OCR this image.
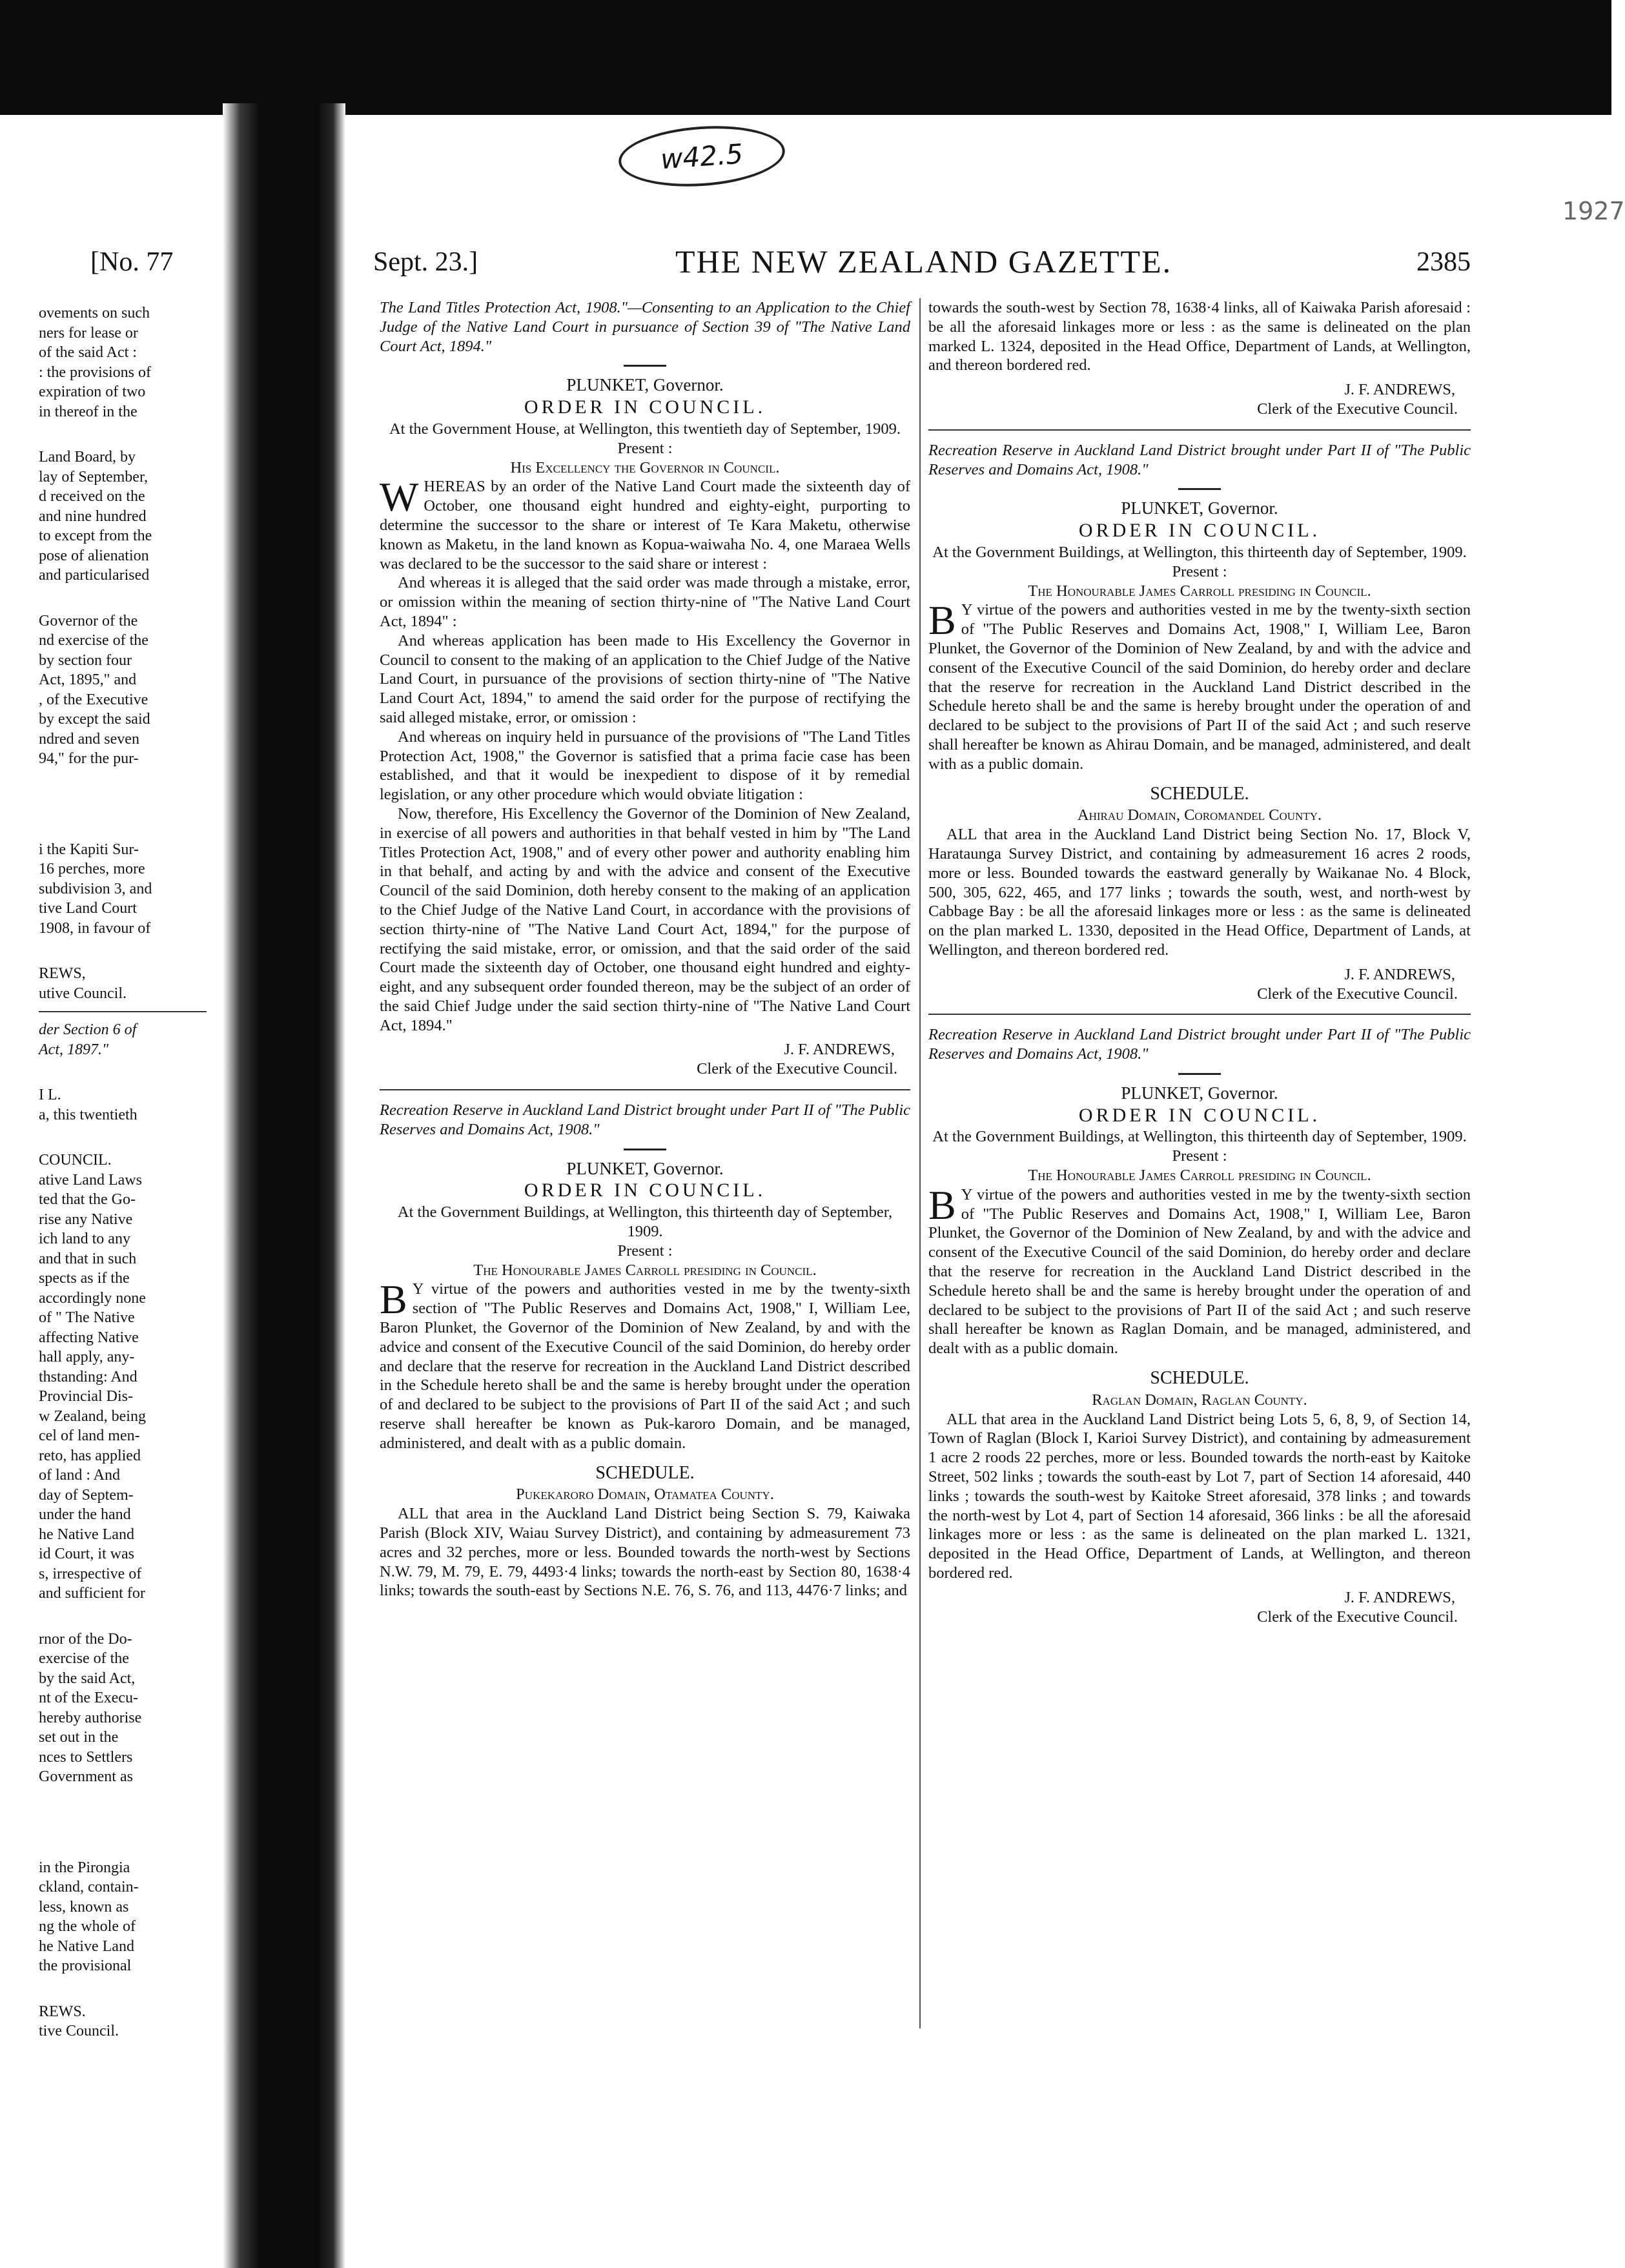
w42.5
1927
[No. 77	Sept. 23.]	THE NEW ZEALAND GAZETTE.	2385
ovements on such
ners for lease or
of the said Act :
: the provisions of
expiration of two
in thereof in the
Land Board, by
lay of September,
d received on the
and nine hundred
to except from the
pose of alienation
and particularised
Governor of the
nd exercise of the
by section four
Act, 1895," and
, of the Executive
by except the said
ndred and seven
94," for the pur-
i the Kapiti Sur-
16 perches, more
subdivision 3, and
tive Land Court
1908, in favour of
REWS,
utive Council.
der Section 6 of
Act, 1897."
I L.
a, this twentieth
COUNCIL.
ative Land Laws
ted that the Go-
rise any Native
ich land to any
and that in such
spects as if the
accordingly none
of " The Native
affecting Native
hall apply, any-
thstanding: And
Provincial Dis-
w Zealand, being
cel of land men-
reto, has applied
of land : And
day of Septem-
under the hand
he Native Land
id Court, it was
s, irrespective of
and sufficient for
rnor of the Do-
exercise of the
by the said Act,
nt of the Execu-
hereby authorise
set out in the
nces to Settlers
Government as
in the Pirongia
ckland, contain-
less, known as
ng the whole of
he Native Land
the provisional
REWS.
tive Council.

The Land Titles Protection Act, 1908."—Consenting to an Application to the Chief Judge of the Native Land Court in pursuance of Section 39 of "The Native Land Court Act, 1894."

PLUNKET, Governor.
ORDER IN COUNCIL.

At the Government House, at Wellington, this twentieth day of September, 1909.

Present :

His Excellency the Governor in Council.

WHEREAS by an order of the Native Land Court made the sixteenth day of October, one thousand eight hundred and eighty-eight, purporting to determine the successor to the share or interest of Te Kara Maketu, otherwise known as Maketu, in the land known as Kopua-waiwaha No. 4, one Maraea Wells was declared to be the successor to the said share or interest :

And whereas it is alleged that the said order was made through a mistake, error, or omission within the meaning of section thirty-nine of "The Native Land Court Act, 1894" :

And whereas application has been made to His Excellency the Governor in Council to consent to the making of an application to the Chief Judge of the Native Land Court, in pursuance of the provisions of section thirty-nine of "The Native Land Court Act, 1894," to amend the said order for the purpose of rectifying the said alleged mistake, error, or omission :

And whereas on inquiry held in pursuance of the provisions of "The Land Titles Protection Act, 1908," the Governor is satisfied that a prima facie case has been established, and that it would be inexpedient to dispose of it by remedial legislation, or any other procedure which would obviate litigation :

Now, therefore, His Excellency the Governor of the Dominion of New Zealand, in exercise of all powers and authorities in that behalf vested in him by "The Land Titles Protection Act, 1908," and of every other power and authority enabling him in that behalf, and acting by and with the advice and consent of the Executive Council of the said Dominion, doth hereby consent to the making of an application to the Chief Judge of the Native Land Court, in accordance with the provisions of section thirty-nine of "The Native Land Court Act, 1894," for the purpose of rectifying the said mistake, error, or omission, and that the said order of the said Court made the sixteenth day of October, one thousand eight hundred and eighty-eight, and any subsequent order founded thereon, may be the subject of an order of the said Chief Judge under the said section thirty-nine of "The Native Land Court Act, 1894."

J. F. ANDREWS,
Clerk of the Executive Council.

Recreation Reserve in Auckland Land District brought under Part II of "The Public Reserves and Domains Act, 1908."

PLUNKET, Governor.
ORDER IN COUNCIL.

At the Government Buildings, at Wellington, this thirteenth day of September, 1909.

Present :

The Honourable James Carroll presiding in Council.

BY virtue of the powers and authorities vested in me by the twenty-sixth section of "The Public Reserves and Domains Act, 1908," I, William Lee, Baron Plunket, the Governor of the Dominion of New Zealand, by and with the advice and consent of the Executive Council of the said Dominion, do hereby order and declare that the reserve for recreation in the Auckland Land District described in the Schedule hereto shall be and the same is hereby brought under the operation of and declared to be subject to the provisions of Part II of the said Act ; and such reserve shall hereafter be known as Puk-karoro Domain, and be managed, administered, and dealt with as a public domain.

SCHEDULE.

Pukekaroro Domain, Otamatea County.

ALL that area in the Auckland Land District being Section S. 79, Kaiwaka Parish (Block XIV, Waiau Survey District), and containing by admeasurement 73 acres and 32 perches, more or less. Bounded towards the north-west by Sections N.W. 79, M. 79, E. 79, 4493·4 links; towards the north-east by Section 80, 1638·4 links; towards the south-east by Sections N.E. 76, S. 76, and 113, 4476·7 links; and

towards the south-west by Section 78, 1638·4 links, all of Kaiwaka Parish aforesaid : be all the aforesaid linkages more or less : as the same is delineated on the plan marked L. 1324, deposited in the Head Office, Department of Lands, at Wellington, and thereon bordered red.

J. F. ANDREWS,
Clerk of the Executive Council.

Recreation Reserve in Auckland Land District brought under Part II of "The Public Reserves and Domains Act, 1908."

PLUNKET, Governor.
ORDER IN COUNCIL.

At the Government Buildings, at Wellington, this thirteenth day of September, 1909.

Present :

The Honourable James Carroll presiding in Council.

BY virtue of the powers and authorities vested in me by the twenty-sixth section of "The Public Reserves and Domains Act, 1908," I, William Lee, Baron Plunket, the Governor of the Dominion of New Zealand, by and with the advice and consent of the Executive Council of the said Dominion, do hereby order and declare that the reserve for recreation in the Auckland Land District described in the Schedule hereto shall be and the same is hereby brought under the operation of and declared to be subject to the provisions of Part II of the said Act ; and such reserve shall hereafter be known as Ahirau Domain, and be managed, administered, and dealt with as a public domain.

SCHEDULE.

Ahirau Domain, Coromandel County.

ALL that area in the Auckland Land District being Section No. 17, Block V, Harataunga Survey District, and containing by admeasurement 16 acres 2 roods, more or less. Bounded towards the eastward generally by Waikanae No. 4 Block, 500, 305, 622, 465, and 177 links ; towards the south, west, and north-west by Cabbage Bay : be all the aforesaid linkages more or less : as the same is delineated on the plan marked L. 1330, deposited in the Head Office, Department of Lands, at Wellington, and thereon bordered red.

J. F. ANDREWS,
Clerk of the Executive Council.

Recreation Reserve in Auckland Land District brought under Part II of "The Public Reserves and Domains Act, 1908."

PLUNKET, Governor.
ORDER IN COUNCIL.

At the Government Buildings, at Wellington, this thirteenth day of September, 1909.

Present :

The Honourable James Carroll presiding in Council.

BY virtue of the powers and authorities vested in me by the twenty-sixth section of "The Public Reserves and Domains Act, 1908," I, William Lee, Baron Plunket, the Governor of the Dominion of New Zealand, by and with the advice and consent of the Executive Council of the said Dominion, do hereby order and declare that the reserve for recreation in the Auckland Land District described in the Schedule hereto shall be and the same is hereby brought under the operation of and declared to be subject to the provisions of Part II of the said Act ; and such reserve shall hereafter be known as Raglan Domain, and be managed, administered, and dealt with as a public domain.

SCHEDULE.

Raglan Domain, Raglan County.

ALL that area in the Auckland Land District being Lots 5, 6, 8, 9, of Section 14, Town of Raglan (Block I, Karioi Survey District), and containing by admeasurement 1 acre 2 roods 22 perches, more or less. Bounded towards the north-east by Kaitoke Street, 502 links ; towards the south-east by Lot 7, part of Section 14 aforesaid, 440 links ; towards the south-west by Kaitoke Street aforesaid, 378 links ; and towards the north-west by Lot 4, part of Section 14 aforesaid, 366 links : be all the aforesaid linkages more or less : as the same is delineated on the plan marked L. 1321, deposited in the Head Office, Department of Lands, at Wellington, and thereon bordered red.

J. F. ANDREWS,
Clerk of the Executive Council.
